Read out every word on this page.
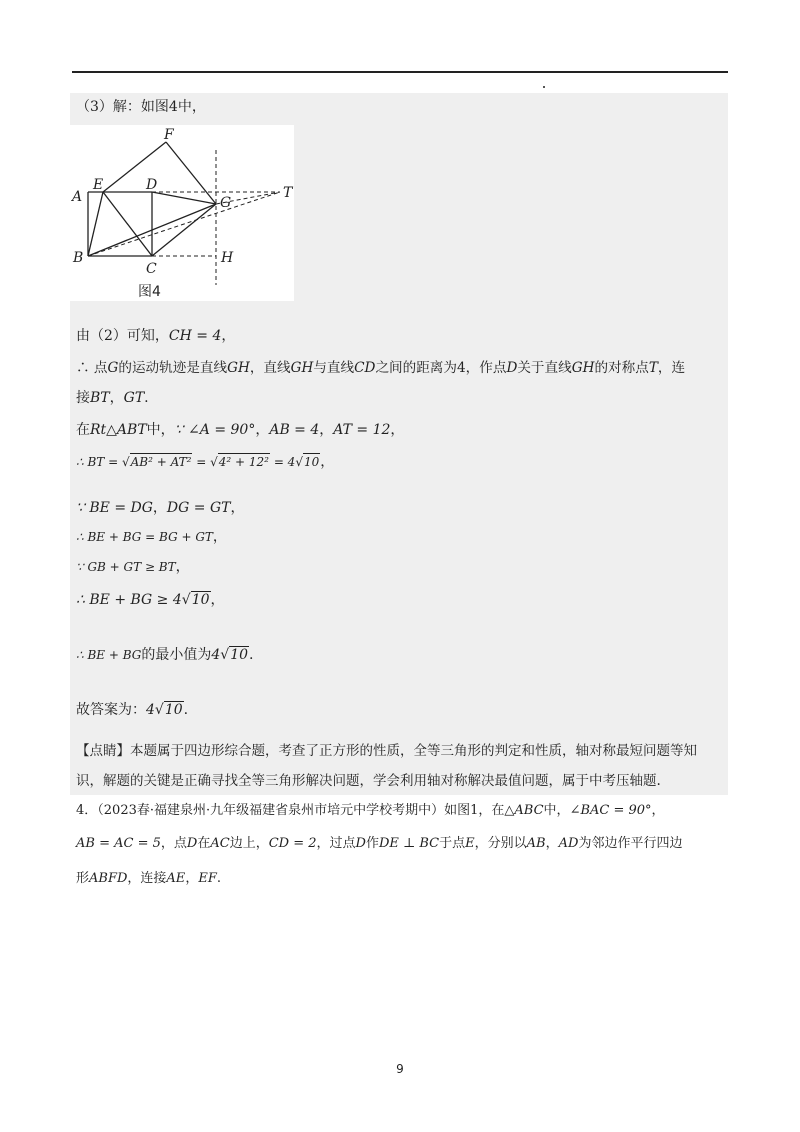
（3）解：如图4中，
A
B
C
D
E
F
G
H
T
图4
由（2）可知，CH = 4，
∴ 点G的运动轨迹是直线GH，直线GH与直线CD之间的距离为4，作点D关于直线GH的对称点T，连
接BT，GT.
在Rt△ABT中，∵ ∠A = 90°，AB = 4，AT = 12，
∴ BT = √AB² + AT² = √4² + 12² = 4√10，
∵ BE = DG，DG = GT，
∴ BE + BG = BG + GT，
∵ GB + GT ≥ BT，
∴ BE + BG ≥ 4√10，
∴ BE + BG的最小值为4√10.
故答案为：4√10.
【点睛】本题属于四边形综合题，考查了正方形的性质，全等三角形的判定和性质，轴对称最短问题等知
识，解题的关键是正确寻找全等三角形解决问题，学会利用轴对称解决最值问题，属于中考压轴题.
4．（2023春·福建泉州·九年级福建省泉州市培元中学校考期中）如图1，在△ABC中，∠BAC = 90°，
AB = AC = 5，点D在AC边上，CD = 2，过点D作DE ⊥ BC于点E，分别以AB，AD为邻边作平行四边
形ABFD，连接AE，EF.
9
